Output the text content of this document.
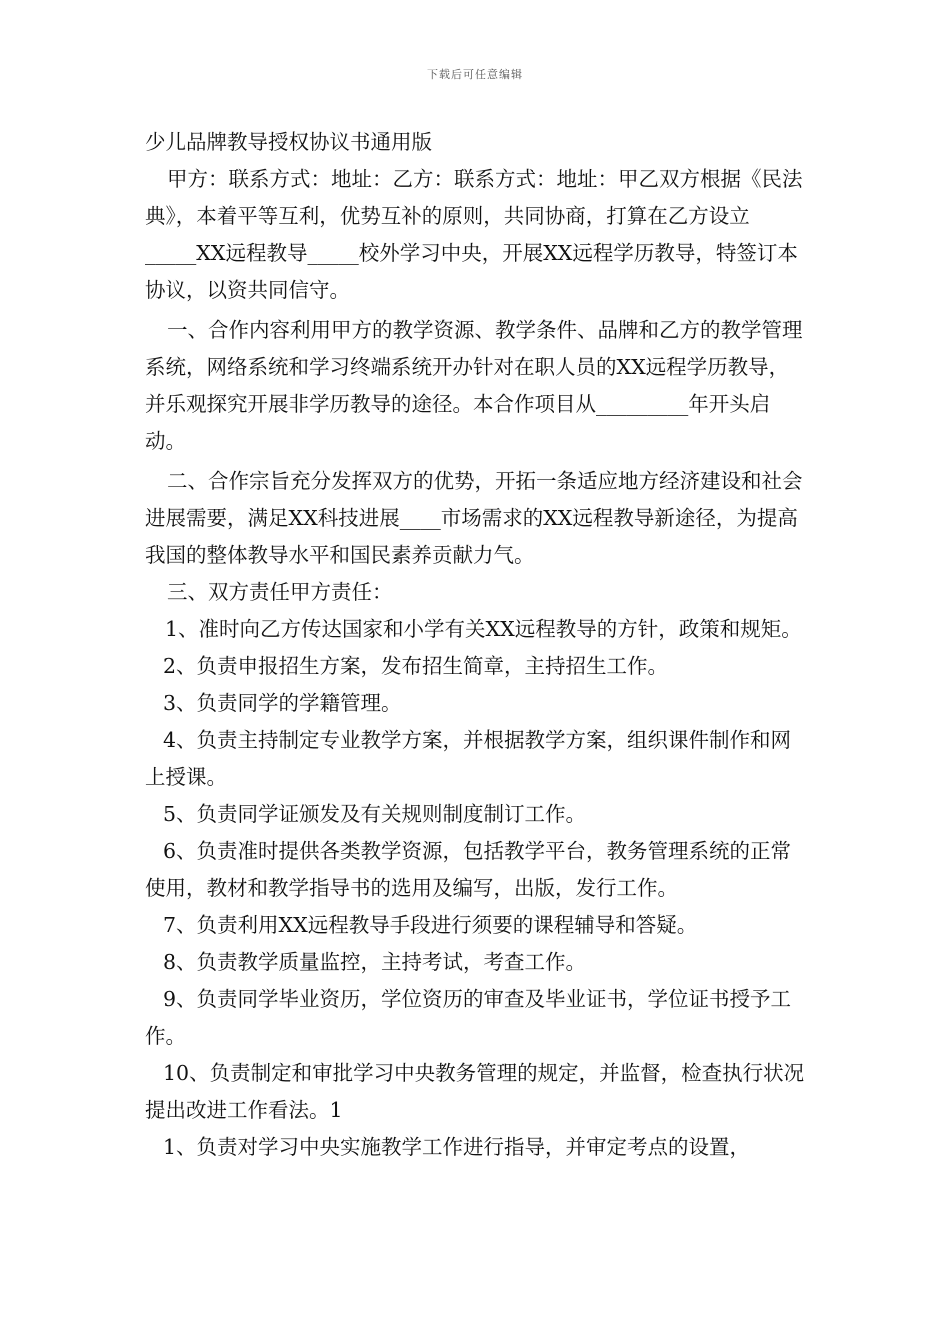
下载后可任意编辑

少儿品牌教导授权协议书通用版

甲方：联系方式：地址：乙方：联系方式：地址：甲乙双方根据《民法典》，本着平等互利，优势互补的原则，共同协商，打算在乙方设立_____XX远程教导_____校外学习中央，开展XX远程学历教导，特签订本协议，以资共同信守。

一、合作内容利用甲方的教学资源、教学条件、品牌和乙方的教学管理系统，网络系统和学习终端系统开办针对在职人员的XX远程学历教导，并乐观探究开展非学历教导的途径。本合作项目从_________年开头启动。

二、合作宗旨充分发挥双方的优势，开拓一条适应地方经济建设和社会进展需要，满足XX科技进展____市场需求的XX远程教导新途径，为提高我国的整体教导水平和国民素养贡献力气。

三、双方责任甲方责任：

1、准时向乙方传达国家和小学有关XX远程教导的方针，政策和规矩。

2、负责申报招生方案，发布招生简章，主持招生工作。

3、负责同学的学籍管理。

4、负责主持制定专业教学方案，并根据教学方案，组织课件制作和网上授课。

5、负责同学证颁发及有关规则制度制订工作。

6、负责准时提供各类教学资源，包括教学平台，教务管理系统的正常使用，教材和教学指导书的选用及编写，出版，发行工作。

7、负责利用XX远程教导手段进行须要的课程辅导和答疑。

8、负责教学质量监控，主持考试，考查工作。

9、负责同学毕业资历，学位资历的审查及毕业证书，学位证书授予工作。

10、负责制定和审批学习中央教务管理的规定，并监督，检查执行状况提出改进工作看法。1

1、负责对学习中央实施教学工作进行指导，并审定考点的设置，
